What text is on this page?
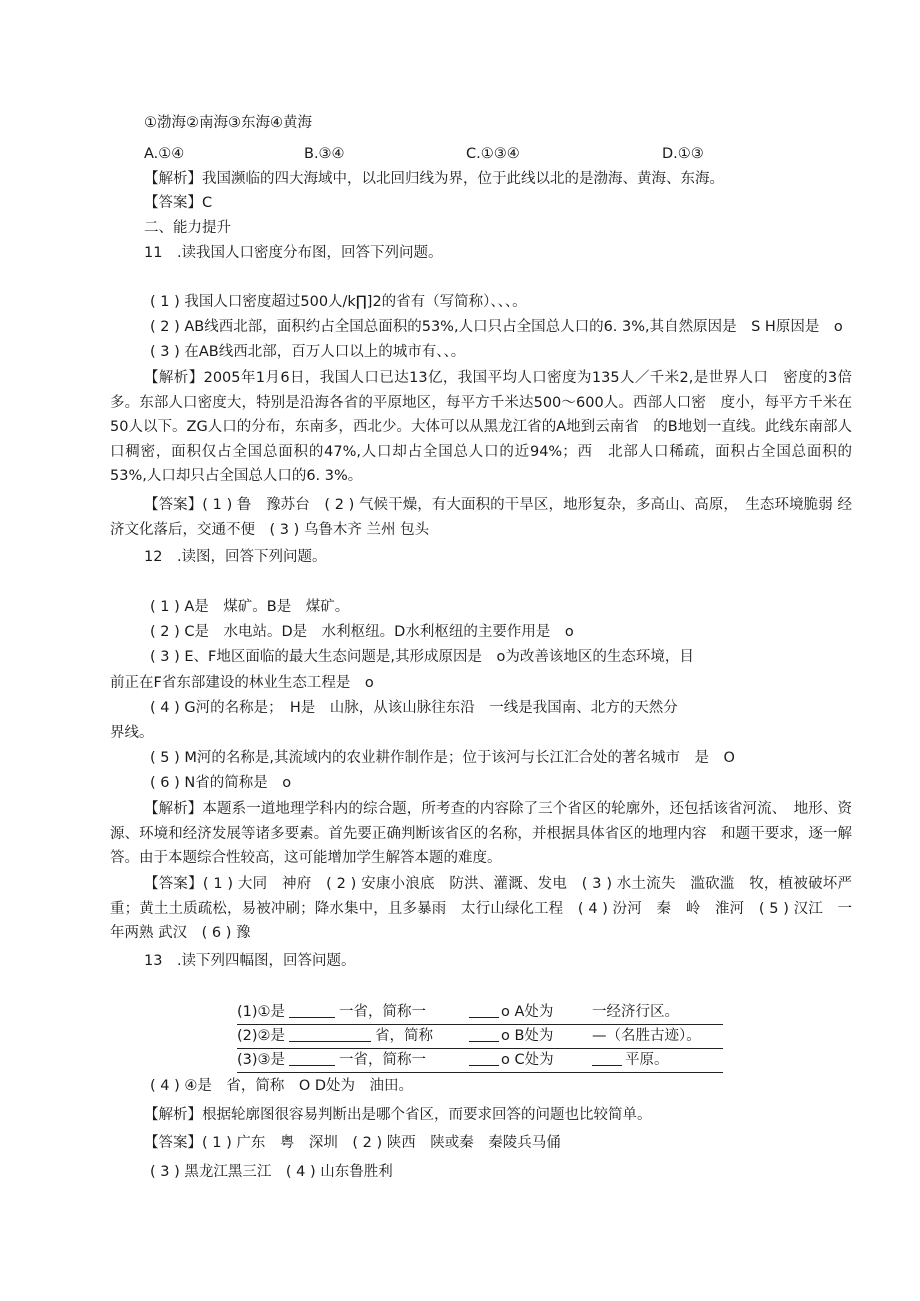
①渤海②南海③东海④黄海
A.①④	B.③④	C.①③④	D.①③
【解析】我国濒临的四大海域中，以北回归线为界，位于此线以北的是渤海、黄海、东海。
【答案】C
二、能力提升
11　.读我国人口密度分布图，回答下列问题。
( 1 ) 我国人口密度超过500人∕k∏]2的省有（写简称）、、、。
( 2 ) AB线西北部，面积约占全国总面积的53%,人口只占全国总人口的6. 3%,其自然原因是　S H原因是　o
( 3 ) 在AB线西北部，百万人口以上的城市有、、。
【解析】2005年1月6日，我国人口已达13亿，我国平均人口密度为135人／千米2,是世界人口　密度的3倍多。东部人口密度大，特别是沿海各省的平原地区，每平方千米达500〜600人。西部人口密　度小，每平方千米在50人以下。ZG人口的分布，东南多，西北少。大体可以从黑龙江省的A地到云南省　的B地划一直线。此线东南部人口稠密，面积仅占全国总面积的47%,人口却占全国总人口的近94%；西　北部人口稀疏，面积占全国总面积的53%,人口却只占全国总人口的6. 3%。
【答案】( 1 ) 鲁　豫苏台　( 2 ) 气候干燥，有大面积的干旱区，地形复杂，多高山、高原，　生态环境脆弱 经济文化落后，交通不便　( 3 ) 乌鲁木齐 兰州 包头
12　.读图，回答下列问题。
( 1 ) A是　煤矿。B是　煤矿。
( 2 ) C是　水电站。D是　水利枢纽。D水利枢纽的主要作用是　o
( 3 ) E、F地区面临的最大生态问题是,其形成原因是　o为改善该地区的生态环境，目
前正在F省东部建设的林业生态工程是　o
( 4 ) G河的名称是；　H是　山脉，从该山脉往东沿　一线是我国南、北方的天然分
界线。
( 5 ) M河的名称是,其流域内的农业耕作制作是；位于该河与长江汇合处的著名城市　是　O
( 6 ) N省的简称是　o
【解析】本题系一道地理学科内的综合题，所考查的内容除了三个省区的轮廓外，还包括该省河流、　地形、资源、环境和经济发展等诸多要素。首先要正确判断该省区的名称，并根据具体省区的地理内容　和题干要求，逐一解答。由于本题综合性较高，这可能增加学生解答本题的难度。
【答案】( 1 ) 大同　神府　( 2 ) 安康小浪底　防洪、灌溉、发电　( 3 ) 水土流失　滥砍滥　牧，植被破坏严重；黄土土质疏松，易被冲刷；降水集中，且多暴雨　太行山绿化工程　( 4 ) 汾河　秦　岭　淮河　( 5 ) 汉江　一年两熟 武汉　( 6 ) 豫
13　.读下列四幅图，回答问题。
(1)①是	一省，简称一	o A处为	一经济行区。
(2)②是	省，简称	o B处为	—（名胜古迹）。
(3)③是	一省，简称一	o C处为	平原。
( 4 ) ④是　省，简称　O D处为　油田。
【解析】根据轮廓图很容易判断出是哪个省区，而要求回答的问题也比较简单。
【答案】( 1 ) 广东　粤　深圳　( 2 ) 陕西　陕或秦　秦陵兵马俑
( 3 ) 黑龙江黑三江　( 4 ) 山东鲁胜利
